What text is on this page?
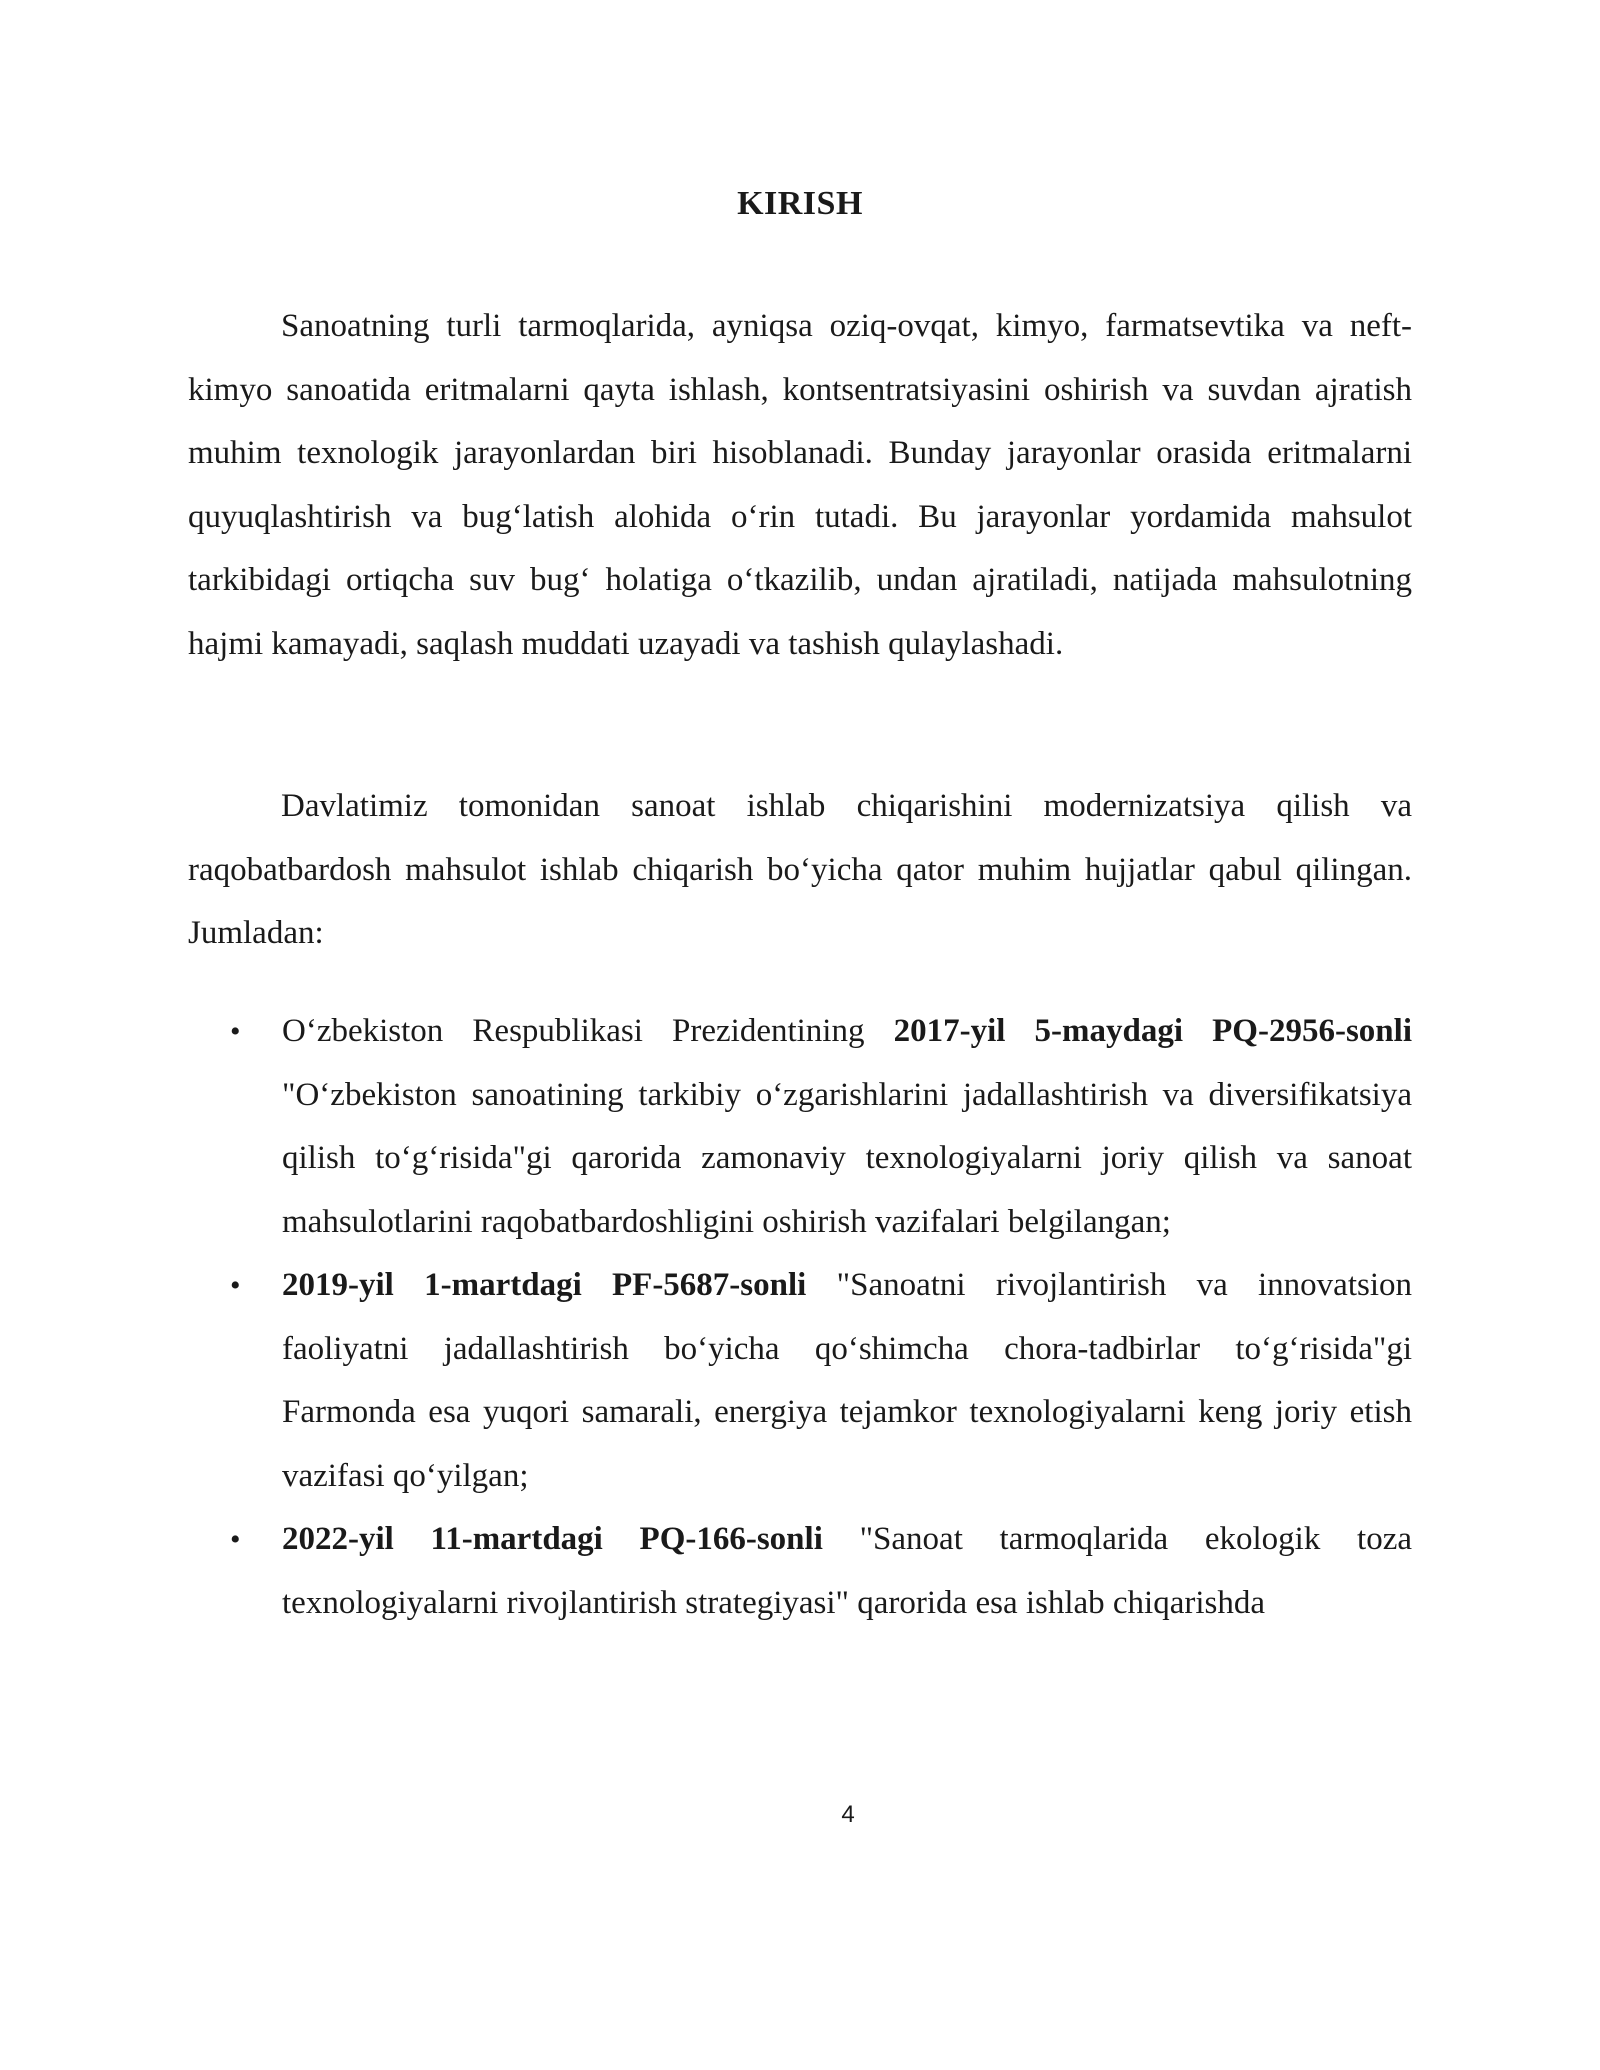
KIRISH

Sanoatning turli tarmoqlarida, ayniqsa oziq-ovqat, kimyo, farmatsevtika va neft-kimyo sanoatida eritmalarni qayta ishlash, kontsentratsiyasini oshirish va suvdan ajratish muhim texnologik jarayonlardan biri hisoblanadi. Bunday jarayonlar orasida eritmalarni quyuqlashtirish va bug‘latish alohida o‘rin tutadi. Bu jarayonlar yordamida mahsulot tarkibidagi ortiqcha suv bug‘ holatiga o‘tkazilib, undan ajratiladi, natijada mahsulotning hajmi kamayadi, saqlash muddati uzayadi va tashish qulaylashadi.

Davlatimiz tomonidan sanoat ishlab chiqarishini modernizatsiya qilish va raqobatbardosh mahsulot ishlab chiqarish bo‘yicha qator muhim hujjatlar qabul qilingan. Jumladan:

• O‘zbekiston Respublikasi Prezidentining 2017-yil 5-maydagi PQ-2956-sonli "O‘zbekiston sanoatining tarkibiy o‘zgarishlarini jadallashtirish va diversifikatsiya qilish to‘g‘risida"gi qarorida zamonaviy texnologiyalarni joriy qilish va sanoat mahsulotlarini raqobatbardoshligini oshirish vazifalari belgilangan;
• 2019-yil 1-martdagi PF-5687-sonli "Sanoatni rivojlantirish va innovatsion faoliyatni jadallashtirish bo‘yicha qo‘shimcha chora-tadbirlar to‘g‘risida"gi Farmonda esa yuqori samarali, energiya tejamkor texnologiyalarni keng joriy etish vazifasi qo‘yilgan;
• 2022-yil 11-martdagi PQ-166-sonli "Sanoat tarmoqlarida ekologik toza texnologiyalarni rivojlantirish strategiyasi" qarorida esa ishlab chiqarishda
4
